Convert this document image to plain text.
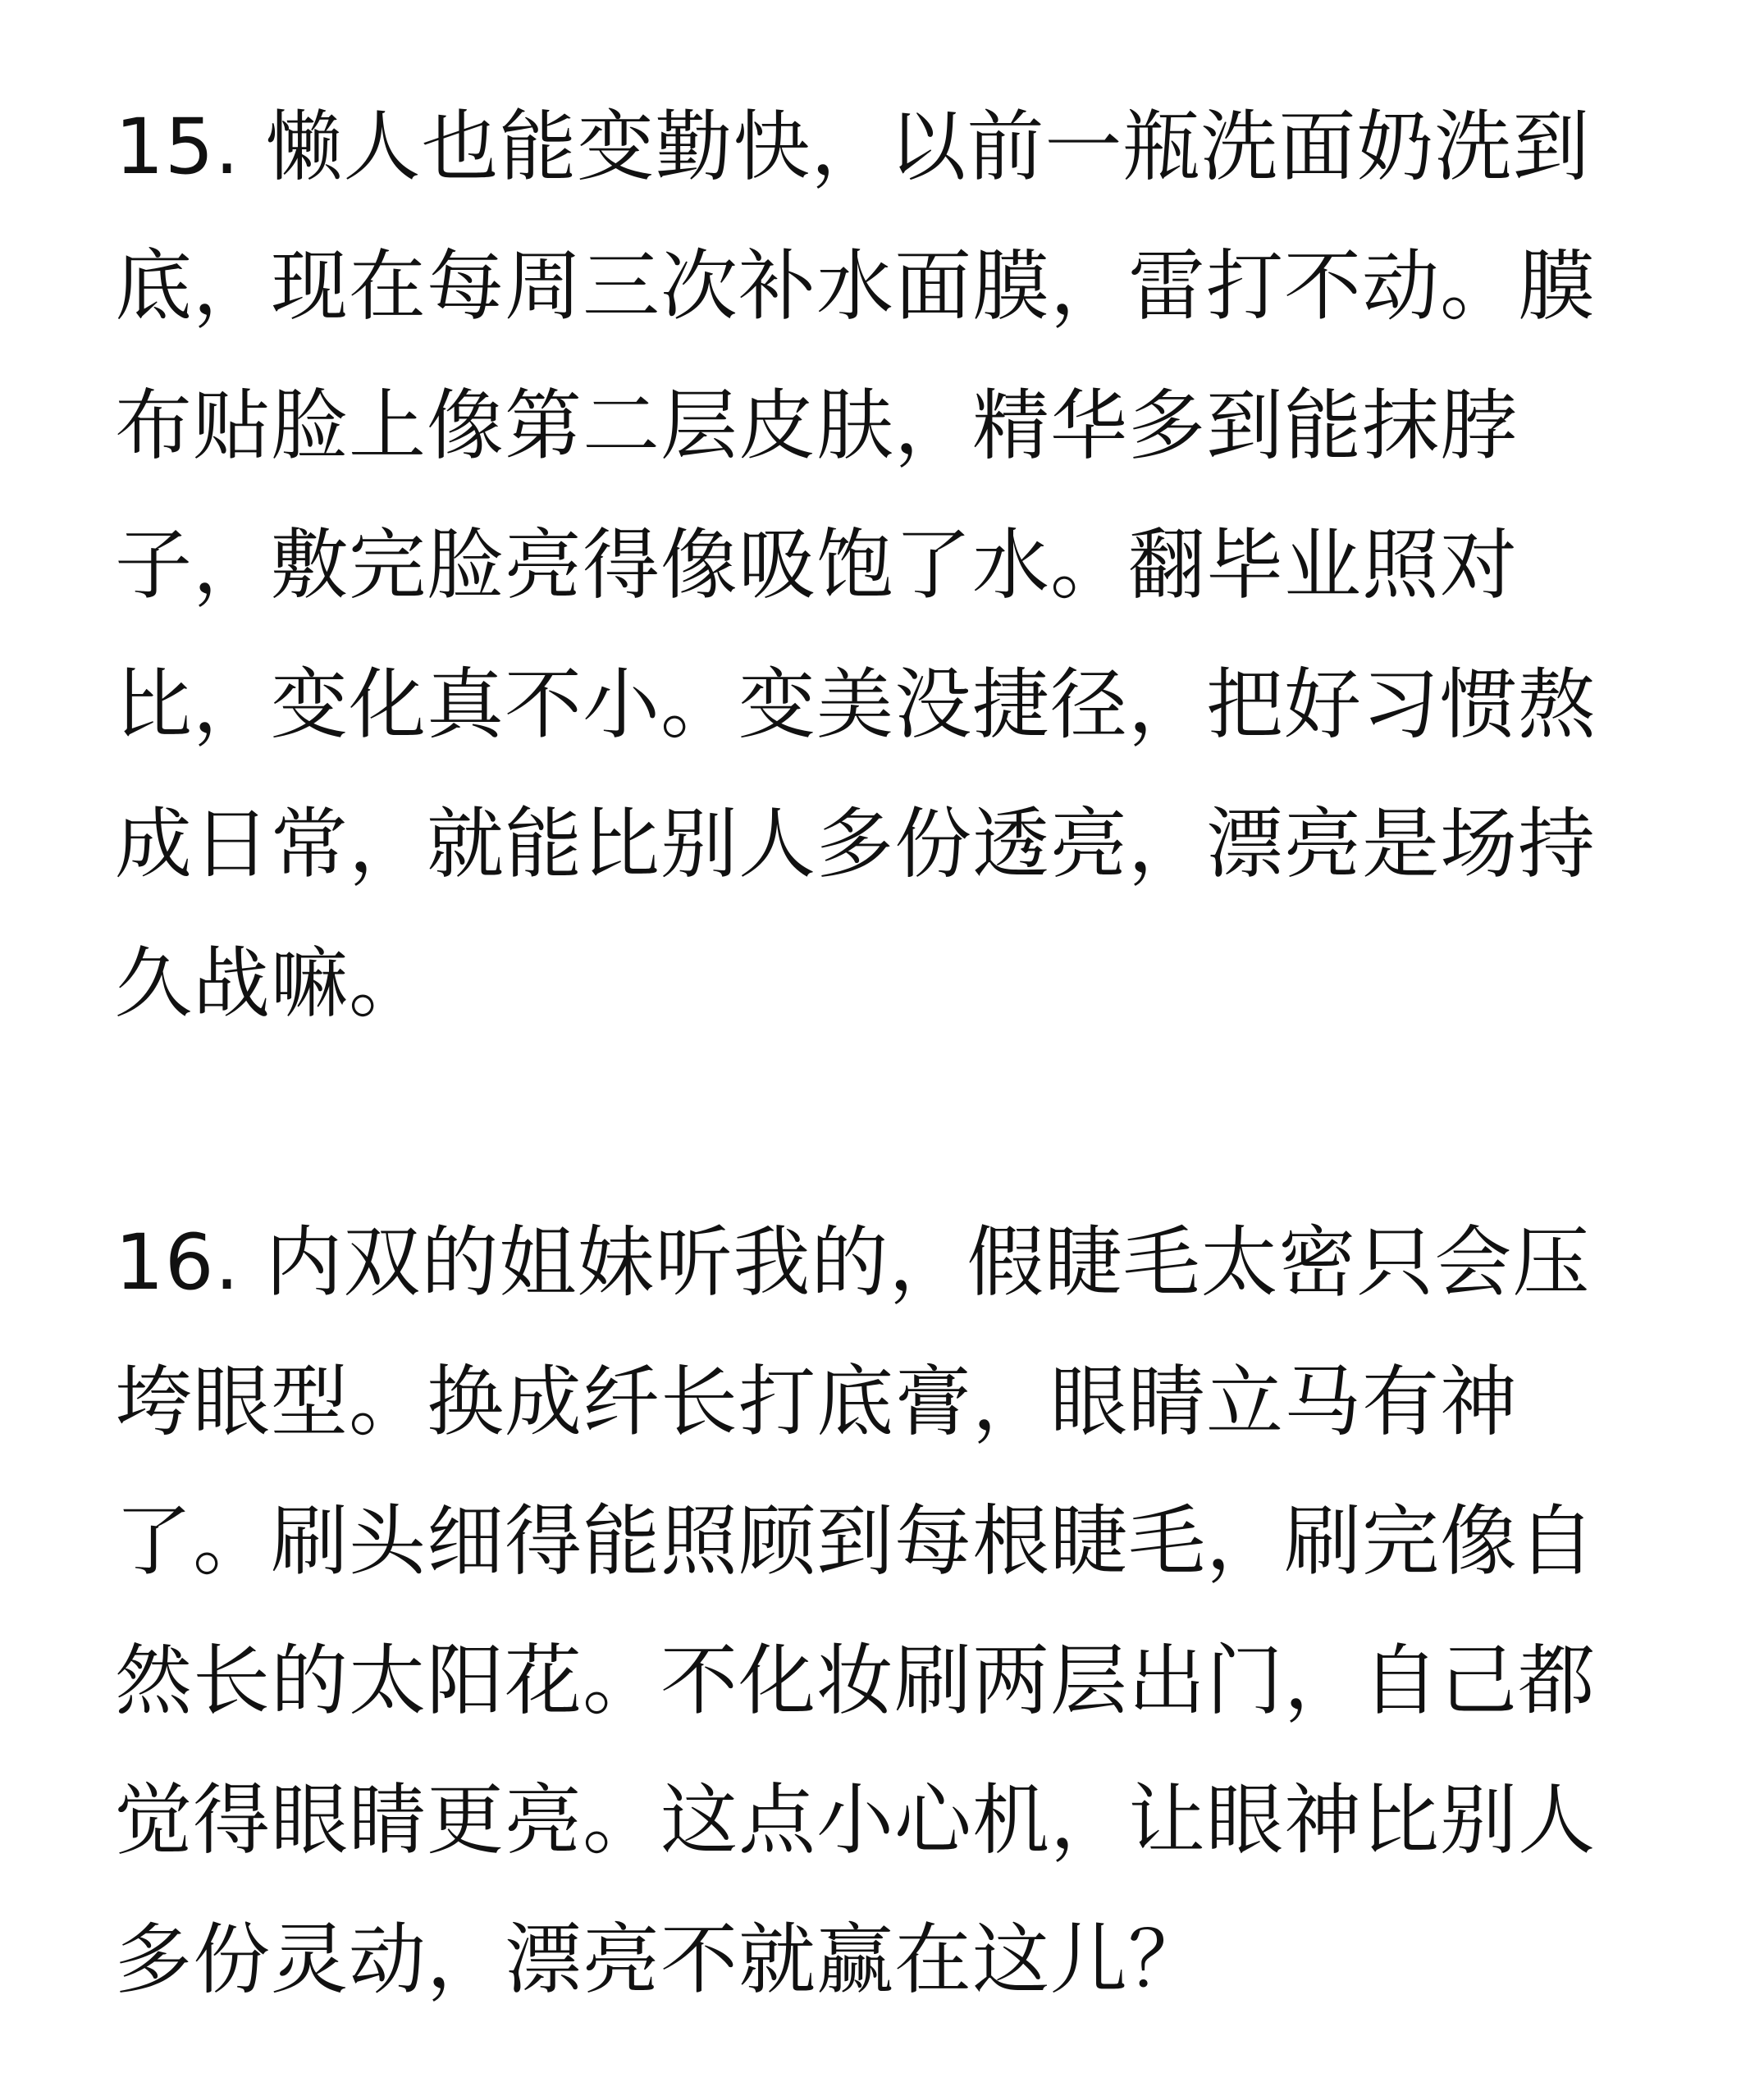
15. 懒人也能变勤快，以前一瓶洗面奶洗到底，现在每周三次补水面膜，雷打不动。膜布贴脸上像第二层皮肤，精华多到能抹脖子，敷完脸亮得像吸饱了水。翻毕业照对比，变化真不小。变美没捷径，把好习惯熬成日常，就能比别人多份透亮，漂亮是场持久战嘛。
16. 内双的姐妹听我的，假睫毛太密只会压垮眼型。换成纤长打底膏，眼睛立马有神了。刷头细得能照顾到每根睫毛，刷完像自然长的太阳花。不化妆刷两层出门，自己都觉得眼睛更亮。这点小心机，让眼神比别人多份灵动，漂亮不就赢在这儿？
